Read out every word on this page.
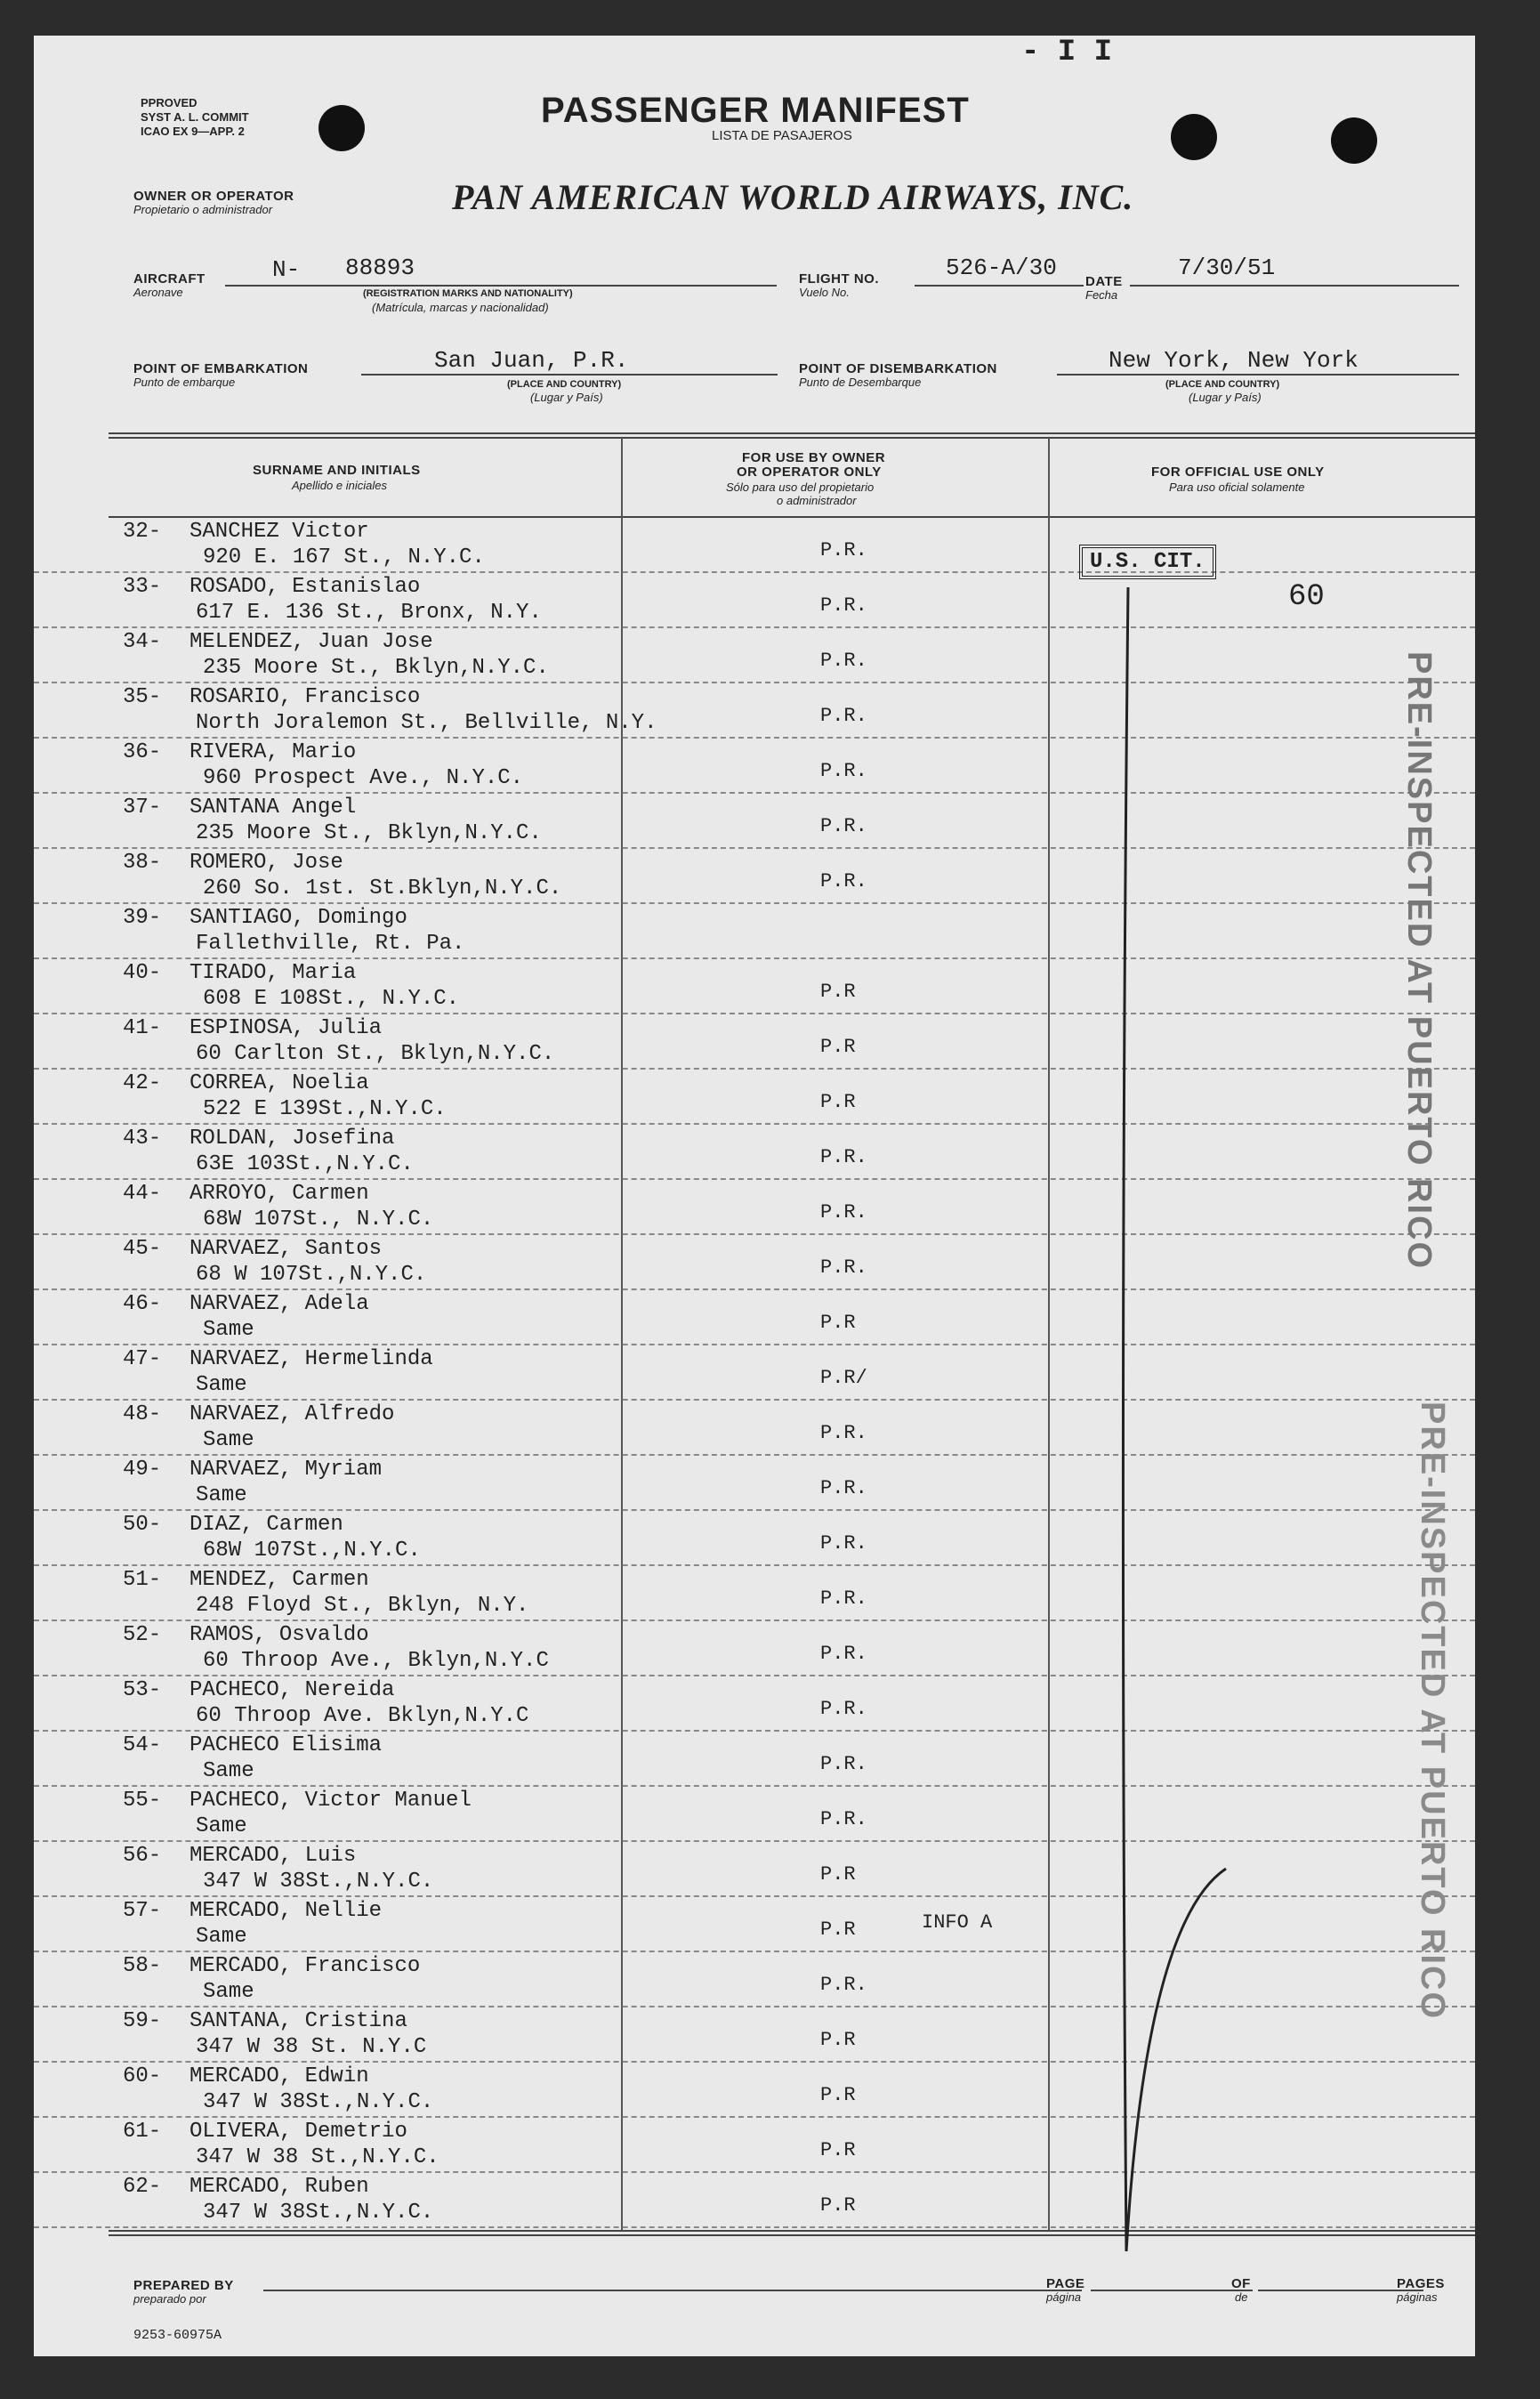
- I I
PPROVED
SYST A. L. COMMIT
ICAO EX 9—APP. 2
PASSENGER MANIFEST
LISTA DE PASAJEROS
OWNER OR OPERATOR
Propietario o administrador	PAN AMERICAN WORLD AIRWAYS, INC.
AIRCRAFT
Aeronave
N- 88893
(REGISTRATION MARKS AND NATIONALITY)
(Matrícula, marcas y nacionalidad)
FLIGHT NO.
Vuelo No.
526-A/30
DATE
Fecha
7/30/51
POINT OF EMBARKATION
Punto de embarque
San Juan, P.R.
(PLACE AND COUNTRY)
(Lugar y País)
POINT OF DISEMBARKATION
Punto de Desembarque
New York, New York
(PLACE AND COUNTRY)
(Lugar y País)
SURNAME AND INITIALS
Apellido e iniciales
FOR USE BY OWNER
OR OPERATOR ONLY
Sólo para uso del propietario
o administrador
FOR OFFICIAL USE ONLY
Para uso oficial solamente
32- SANCHEZ Victor
920 E. 167 St., N.Y.C.	P.R.
33- ROSADO, Estanislao
617 E. 136 St., Bronx, N.Y.	P.R.
34- MELENDEZ, Juan Jose
235 Moore St., Bklyn,N.Y.C.	P.R.
35- ROSARIO, Francisco
North Joralemon St., Bellville, N.Y.	P.R.
36- RIVERA, Mario
960 Prospect Ave., N.Y.C.	P.R.
37- SANTANA Angel
235 Moore St., Bklyn,N.Y.C.	P.R.
38- ROMERO, Jose
260 So. 1st. St.Bklyn,N.Y.C.	P.R.
39- SANTIAGO, Domingo
Fallethville, Rt. Pa.
40- TIRADO, Maria
608 E 108St., N.Y.C.	P.R
41- ESPINOSA, Julia
60 Carlton St., Bklyn,N.Y.C.	P.R
42- CORREA, Noelia
522 E 139St.,N.Y.C.	P.R
43- ROLDAN, Josefina
63E 103St.,N.Y.C.	P.R.
44- ARROYO, Carmen
68W 107St., N.Y.C.	P.R.
45- NARVAEZ, Santos
68 W 107St.,N.Y.C.	P.R.
46- NARVAEZ, Adela
Same	P.R
47- NARVAEZ, Hermelinda
Same	P.R/
48- NARVAEZ, Alfredo
Same	P.R.
49- NARVAEZ, Myriam
Same	P.R.
50- DIAZ, Carmen
68W 107St.,N.Y.C.	P.R.
51- MENDEZ, Carmen
248 Floyd St., Bklyn, N.Y.	P.R.
52- RAMOS, Osvaldo
60 Throop Ave., Bklyn,N.Y.C	P.R.
53- PACHECO, Nereida
60 Throop Ave. Bklyn,N.Y.C	P.R.
54- PACHECO Elisima
Same	P.R.
55- PACHECO, Victor Manuel
Same	P.R.
56- MERCADO, Luis
347 W 38St.,N.Y.C.	P.R
57- MERCADO, Nellie
Same	P.R
58- MERCADO, Francisco
Same	P.R.
59- SANTANA, Cristina
347 W 38 St. N.Y.C	P.R
60- MERCADO, Edwin
347 W 38St.,N.Y.C.	P.R
61- OLIVERA, Demetrio
347 W 38 St.,N.Y.C.	P.R
62- MERCADO, Ruben
347 W 38St.,N.Y.C.	P.R
U.S. CIT.
60
PRE-INSPECTED AT PUERTO RICO
PRE-INSPECTED AT PUERTO RICO
INFO A
PREPARED BY
preparado por
PAGE
página
OF
de
PAGES
páginas
9253-60975A
